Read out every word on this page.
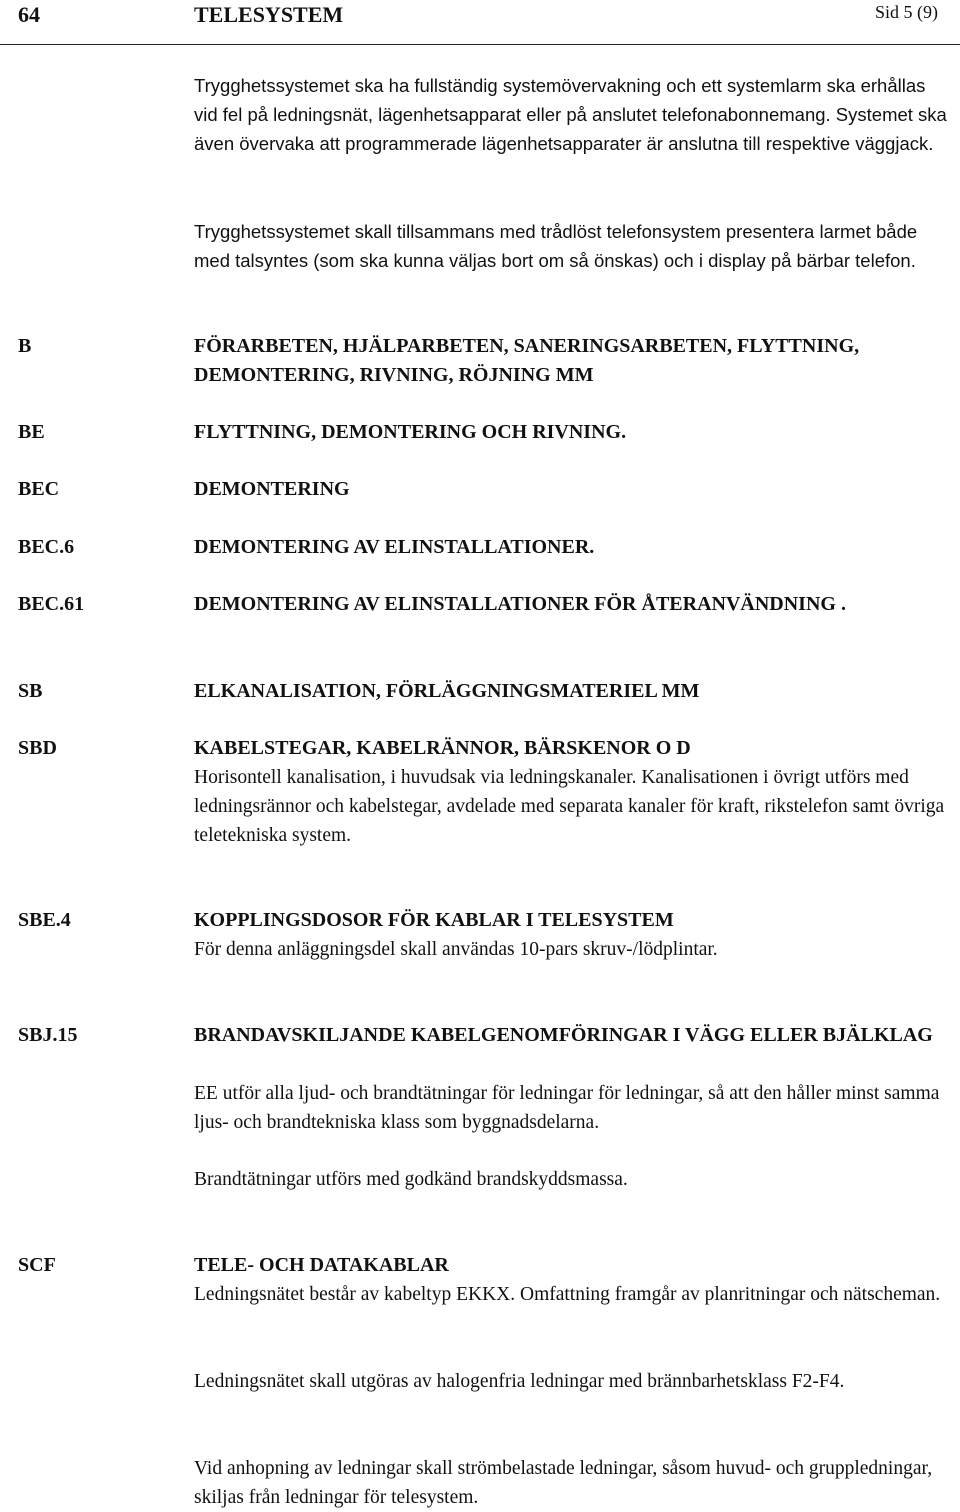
64	TELESYSTEM	Sid 5 (9)

Trygghetssystemet ska ha fullständig systemövervakning och ett systemlarm ska erhållas vid fel på ledningsnät, lägenhetsapparat eller på anslutet telefonabonnemang. Systemet ska även övervaka att programmerade lägenhetsapparater är anslutna till respektive väggjack.

Trygghetssystemet skall tillsammans med trådlöst telefonsystem presentera larmet både med talsyntes (som ska kunna väljas bort om så önskas) och i display på bärbar telefon.

B	FÖRARBETEN, HJÄLPARBETEN, SANERINGSARBETEN, FLYTTNING, DEMONTERING, RIVNING, RÖJNING MM
BE	FLYTTNING, DEMONTERING OCH RIVNING.
BEC	DEMONTERING
BEC.6	DEMONTERING AV ELINSTALLATIONER.
BEC.61	DEMONTERING AV ELINSTALLATIONER FÖR ÅTERANVÄNDNING .
SB	ELKANALISATION, FÖRLÄGGNINGSMATERIEL MM
SBD	KABELSTEGAR, KABELRÄNNOR, BÄRSKENOR O D

Horisontell kanalisation, i huvudsak via ledningskanaler. Kanalisationen i övrigt utförs med ledningsrännor och kabelstegar, avdelade med separata kanaler för kraft, rikstelefon samt övriga teletekniska system.

SBE.4	KOPPLINGSDOSOR FÖR KABLAR I TELESYSTEM

För denna anläggningsdel skall användas 10-pars skruv-/lödplintar.

SBJ.15	BRANDAVSKILJANDE KABELGENOMFÖRINGAR I VÄGG ELLER BJÄLKLAG

EE utför alla ljud- och brandtätningar för ledningar för ledningar, så att den håller minst samma ljus- och brandtekniska klass som byggnadsdelarna.

Brandtätningar utförs med godkänd brandskyddsmassa.

SCF	TELE- OCH DATAKABLAR

Ledningsnätet består av kabeltyp EKKX. Omfattning framgår av planritningar och nätscheman.

Ledningsnätet skall utgöras av halogenfria ledningar med brännbarhetsklass F2-F4.

Vid anhopning av ledningar skall strömbelastade ledningar, såsom huvud- och gruppledningar, skiljas från ledningar för telesystem.
